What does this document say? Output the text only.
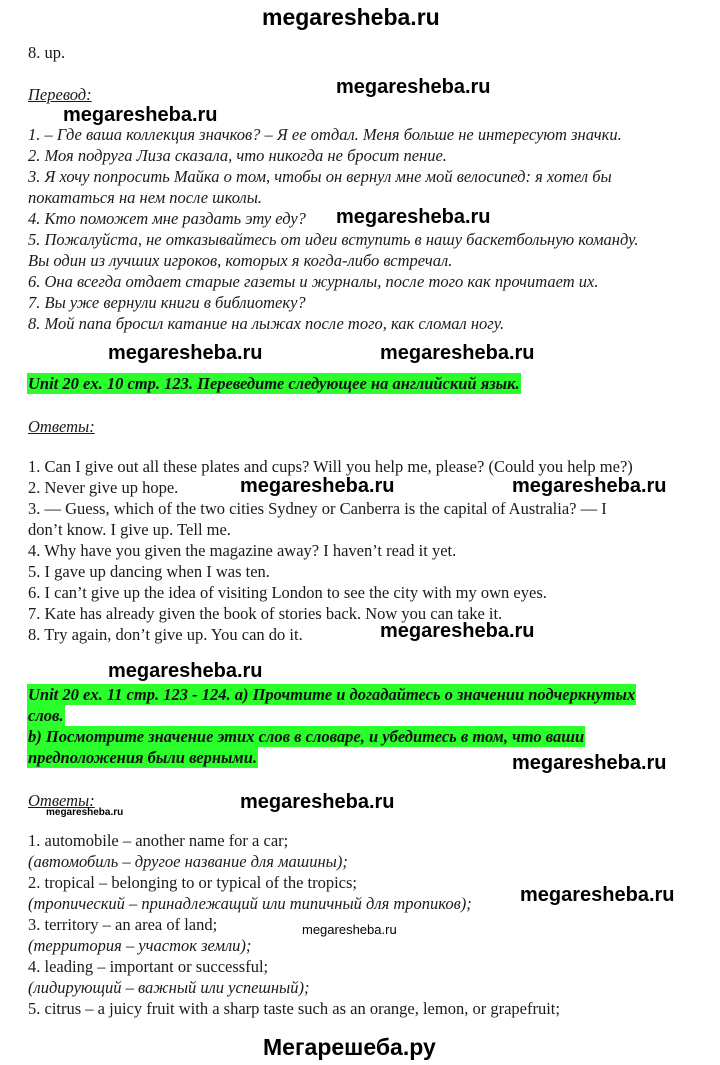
megaresheba.ru
8. up.
Перевод:	megaresheba.ru
megaresheba.ru
1. – Где ваша коллекция значков? – Я ее отдал. Меня больше не интересуют значки.
2. Моя подруга Лиза сказала, что никогда не бросит пение.
3. Я хочу попросить Майка о том, чтобы он вернул мне мой велосипед: я хотел бы
покататься на нем после школы.
4. Кто поможет мне раздать эту еду? megaresheba.ru
5. Пожалуйста, не отказывайтесь от идеи вступить в нашу баскетбольную команду.
Вы один из лучших игроков, которых я когда-либо встречал.
6. Она всегда отдает старые газеты и журналы, после того как прочитает их.
7. Вы уже вернули книги в библиотеку?
8. Мой папа бросил катание на лыжах после того, как сломал ногу.
megaresheba.ru	megaresheba.ru
Unit 20 ex. 10 стр. 123. Переведите следующее на английский язык.
Ответы:
1. Can I give out all these plates and cups? Will you help me, please? (Could you help me?)
2. Never give up hope.	megaresheba.ru	megaresheba.ru
3. — Guess, which of the two cities Sydney or Canberra is the capital of Australia? — I
don’t know. I give up. Tell me.
4. Why have you given the magazine away? I haven’t read it yet.
5. I gave up dancing when I was ten.
6. I can’t give up the idea of visiting London to see the city with my own eyes.
7. Kate has already given the book of stories back. Now you can take it.
8. Try again, don’t give up. You can do it.	megaresheba.ru
megaresheba.ru
Unit 20 ex. 11 стр. 123 - 124. a) Прочтите и догадайтесь о значении подчеркнутых
слов.
b) Посмотрите значение этих слов в словаре, и убедитесь в том, что ваши
предположения были верными.	megaresheba.ru
Ответы:
megaresheba.ru	megaresheba.ru
1. automobile – another name for a car;
(автомобиль – другое название для машины);
2. tropical – belonging to or typical of the tropics;
(тропический – принадлежащий или типичный для тропиков); megaresheba.ru
3. territory – an area of land;
(территория – участок земли);
megaresheba.ru
4. leading – important or successful;
(лидирующий – важный или успешный);
5. citrus – a juicy fruit with a sharp taste such as an orange, lemon, or grapefruit;
Мегарешеба.ру
